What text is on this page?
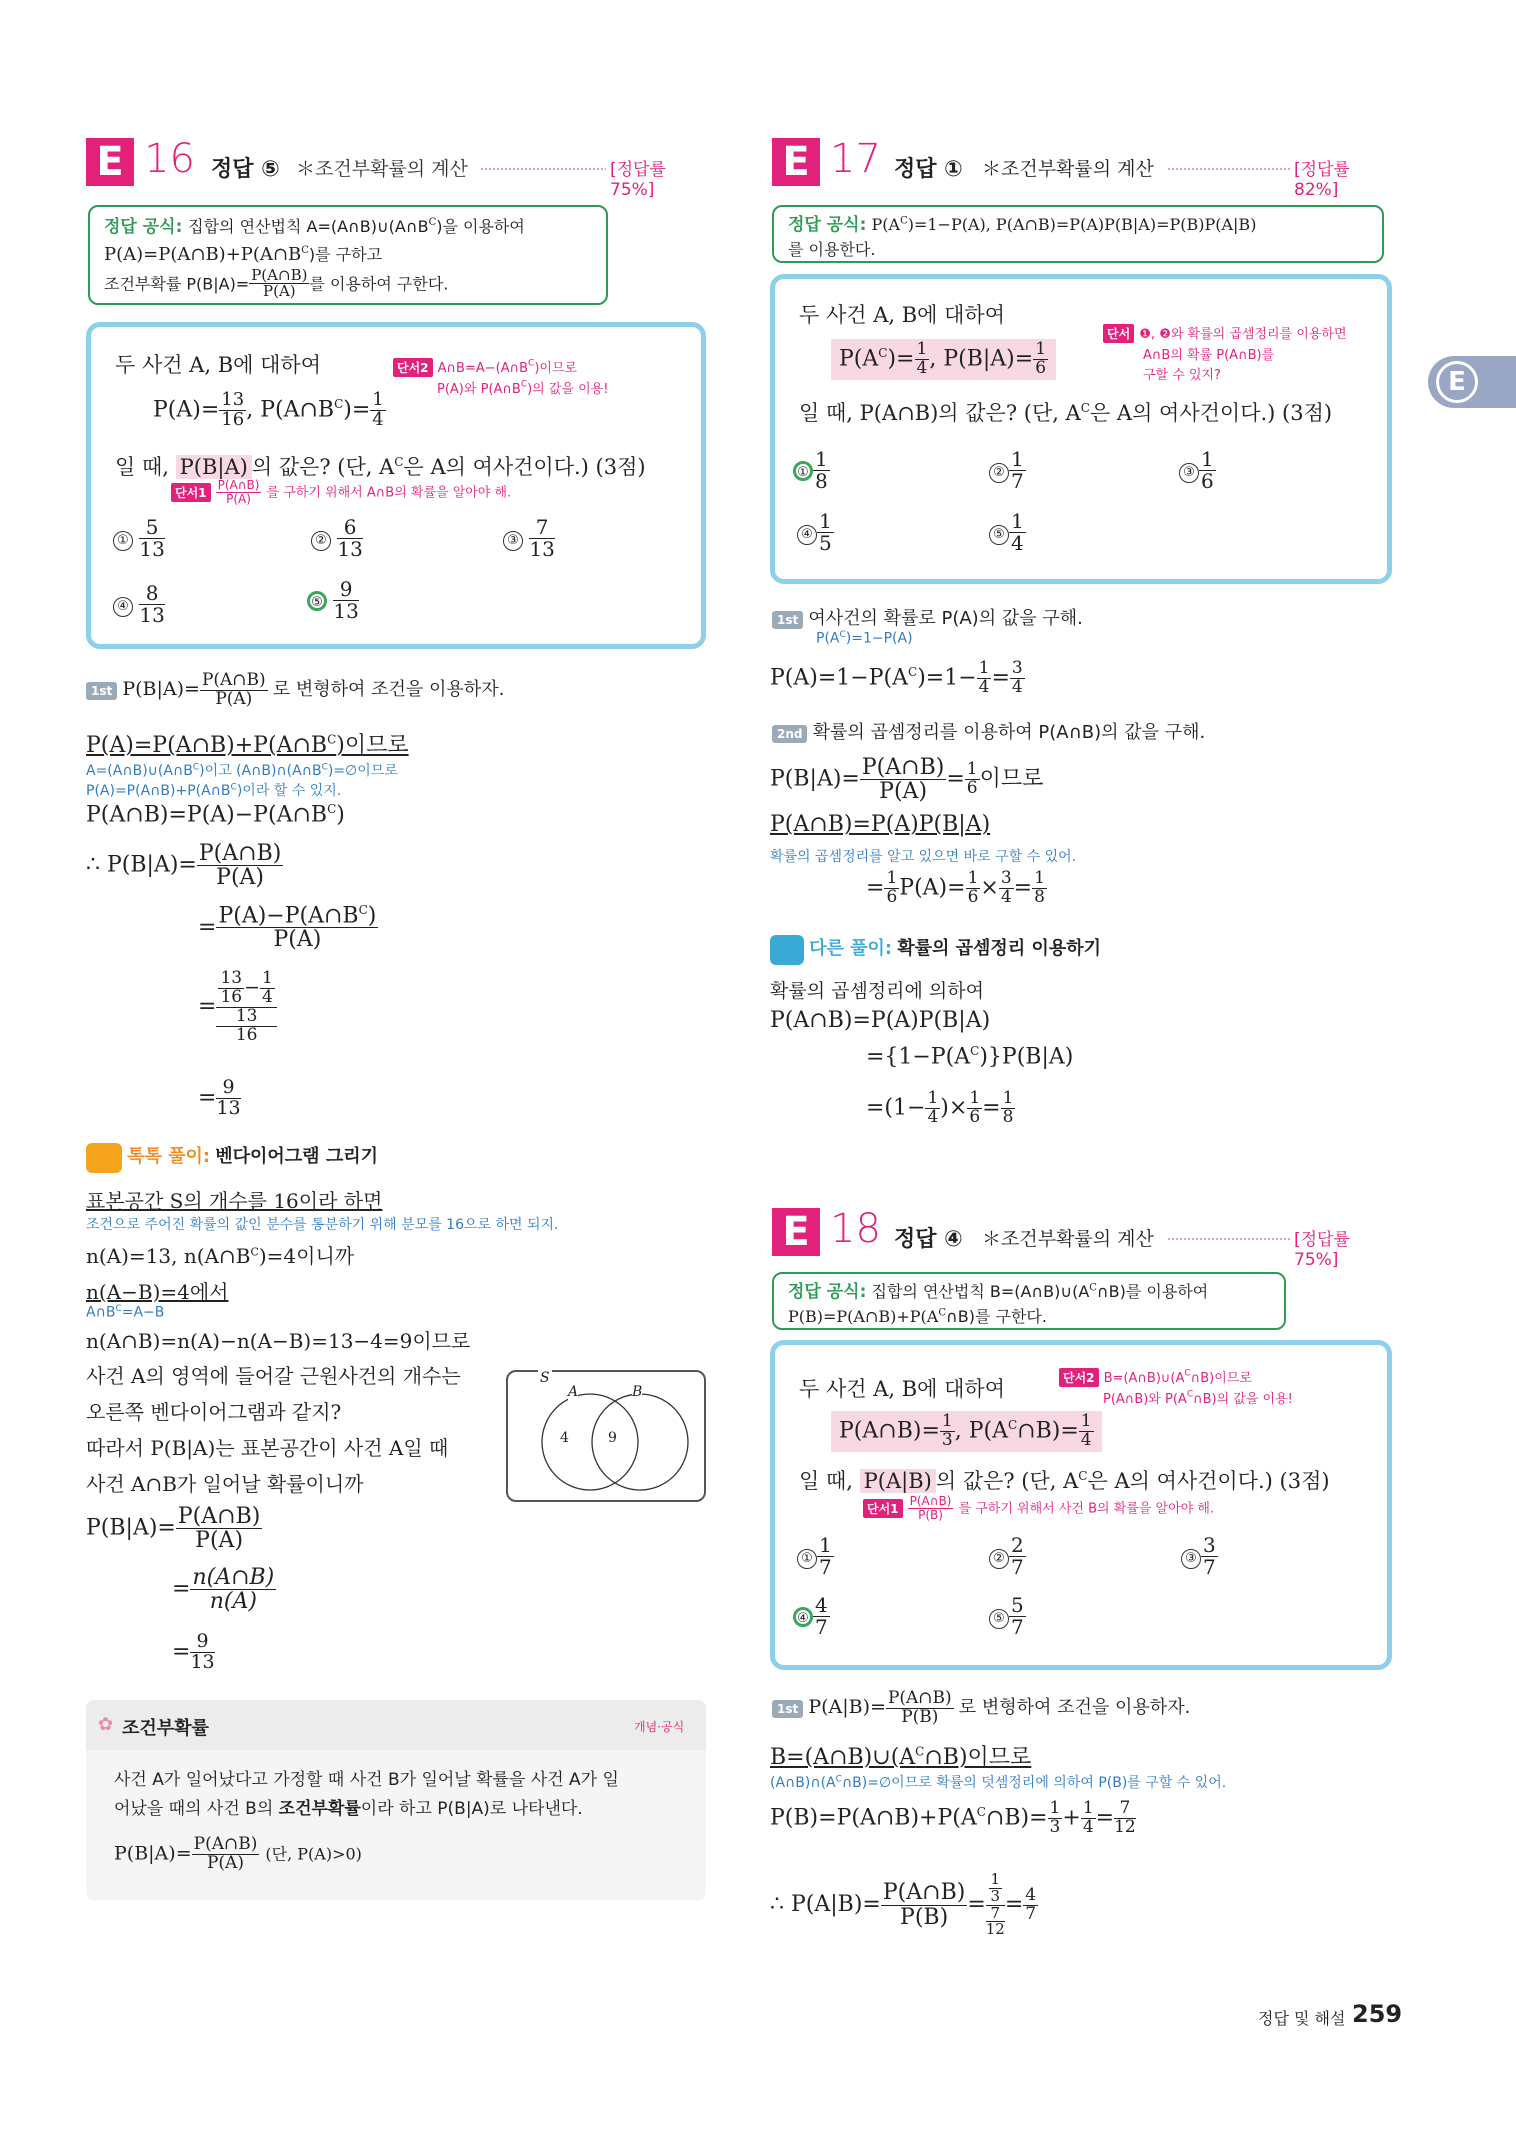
E 16 정답 ⑤ ＊조건부확률의 계산	[정답률 75%]
정답 공식: 집합의 연산법칙 $A=(A\cap B)\cup(A\cap B^C)$을 이용하여
$P(A)=P(A\cap B)+P(A\cap B^C)$를 구하고
조건부확률 $P(B|A)= \frac{P(A\cap B)}{P(A)}$ 를 이용하여 구한다.
두 사건 A, B에 대하여	단서2 $A\cap B=A-(A\cap B^C)$이므로
P(A)와 $P(A\cap B^C)$의 값을 이용!
$P(A)= \frac{13}{16}$ , $P(A\cap B^C)= \frac{1}{4}$
일 때, P(B|A) 의 값은? (단, $A^C$은 A의 여사건이다.) (3점)
단서$1 \frac{P(A\cap B)}{P(A)}$ 를 구하기 위해서 A∩B의 확률을 알아야 해.
① $\frac{5}{13}$	② $\frac{6}{13}$	③ $\frac{7}{13}$
④ $\frac{8}{13}$	⑤ $\frac{9}{13}$
1st $P(B|A)= \frac{P(A\cap B)}{P(A)}$ 로 변형하여 조건을 이용하자.
$P(A)=P(A\cap B)+P(A\cap B^C)$이므로
$A=(A\cap B)\cup(A\cap B^C)$이고 $(A\cap B)\cap(A\cap B^C)=\emptyset$이므로
$P(A)=P(A\cap B)+P(A\cap B^C)$이라 할 수 있지.
$P(A\cap B)=P(A)-P(A\cap B^C)$
∴ $P(B|A)= \frac{P(A\cap B)}{P(A)}$
= $\frac{P(A)-P(A\cap B^C)}{P(A)}$
= $\frac{13}{16} - \frac{1}{4}$
13
16
= $\frac{9}{13}$
톡톡 풀이: 벤다이어그램 그리기
표본공간 S의 개수를 16이라 하면
조건으로 주어진 확률의 값인 분수를 통분하기 위해 분모를 16으로 하면 되지.
n(A)=13, $n(A\cap B^C)=4$이니까
n(A−B)=4에서
$A\cap B^C=A-B$
n(A∩B)=n(A)−n(A−B)=13−4=9이므로
사건 A의 영역에 들어갈 근원사건의 개수는
오른쪽 벤다이어그램과 같지?
따라서 P(B|A)는 표본공간이 사건 A일 때
사건 A∩B가 일어날 확률이니까
$P(B|A)= \frac{P(A\cap B)}{P(A)}$
= $\frac{n(A\cap B)}{n(A)}$
= $\frac{9}{13}$
S
A	B
4	9
✿ 조건부확률	개념·공식
사건 A가 일어났다고 가정할 때 사건 B가 일어날 확률을 사건 A가 일
어났을 때의 사건 B의 조건부확률이라 하고 P(B|A)로 나타낸다.
$P(B|A)= \frac{P(A\cap B)}{P(A)}$ (단, P(A)>0)
E 17 정답 ① ＊조건부확률의 계산	[정답률 82%]
정답 공식: $P(A^C)=1-P(A)$, P(A∩B)=P(A)P(B|A)=P(B)P(A|B)
를 이용한다.
두 사건 A, B에 대하여
단서 ❶, ❷와 확률의 곱셈정리를 이용하면
A∩B의 확률 P(A∩B)를
구할 수 있지?
$P(A^C)= \frac{1}{4}$ , $P(B|A)= \frac{1}{6}$
일 때, P(A∩B)의 값은? (단, $A^C$은 A의 여사건이다.) (3점)
① $\frac{1}{8}$	② $\frac{1}{7}$	③ $\frac{1}{6}$
④ $\frac{1}{5}$	⑤ $\frac{1}{4}$
1st 여사건의 확률로 P(A)의 값을 구해.
$P(A^C)=1-P(A)$
$P(A)=1-P(A^C)=1- \frac{1}{4} = \frac{3}{4}$
2nd 확률의 곱셈정리를 이용하여 P(A∩B)의 값을 구해.
$P(B|A)= \frac{P(A\cap B)}{P(A)} = \frac{1}{6}$ 이므로
P(A∩B)=P(A)P(B|A)
확률의 곱셈정리를 알고 있으면 바로 구할 수 있어.
= $\frac{1}{6} P(A)= \frac{1}{6} \times \frac{3}{4} = \frac{1}{8}$
다른 풀이: 확률의 곱셈정리 이용하기
확률의 곱셈정리에 의하여
P(A∩B)=P(A)P(B|A)
$=\{1-P(A^C)\}P(B|A)$
$=(1- \frac{1}{4}$ )× $\frac{1}{6} = \frac{1}{8}$
E 18 정답 ④ ＊조건부확률의 계산	[정답률 75%]
정답 공식: 집합의 연산법칙 $B=(A\cap B)\cup(A^C\cap B)$를 이용하여
$P(B)=P(A\cap B)+P(A^C\cap B)$를 구한다.
두 사건 A, B에 대하여	단서2 $B=(A\cap B)\cup(A^C\cap B)$이므로
P(A∩B)와 $P(A^C\cap B)$의 값을 이용!
P(A∩B)= $\frac{1}{3}$ , $P(A^C\cap B)= \frac{1}{4}$
일 때, P(A|B) 의 값은? (단, $A^C$은 A의 여사건이다.) (3점)
단서$1 \frac{P(A\cap B)}{P(B)}$ 를 구하기 위해서 사건 B의 확률을 알아야 해.
① $\frac{1}{7}$	② $\frac{2}{7}$	③ $\frac{3}{7}$
④ $\frac{4}{7}$	⑤ $\frac{5}{7}$
1st $P(A|B)= \frac{P(A\cap B)}{P(B)}$ 로 변형하여 조건을 이용하자.
$B=(A\cap B)\cup(A^C\cap B)$이므로
$(A\cap B)\cap(A^C\cap B)=\emptyset$이므로 확률의 덧셈정리에 의하여 P(B)를 구할 수 있어.
$P(B)=P(A\cap B)+P(A^C\cap B)= \frac{1}{3} + \frac{1}{4} = \frac{7}{12}$
∴ $P(A|B)= \frac{P(A\cap B)}{P(B)} = \frac{1}{3}$
7
$12 = \frac{4}{7}$
E
정답 및 해설 259
